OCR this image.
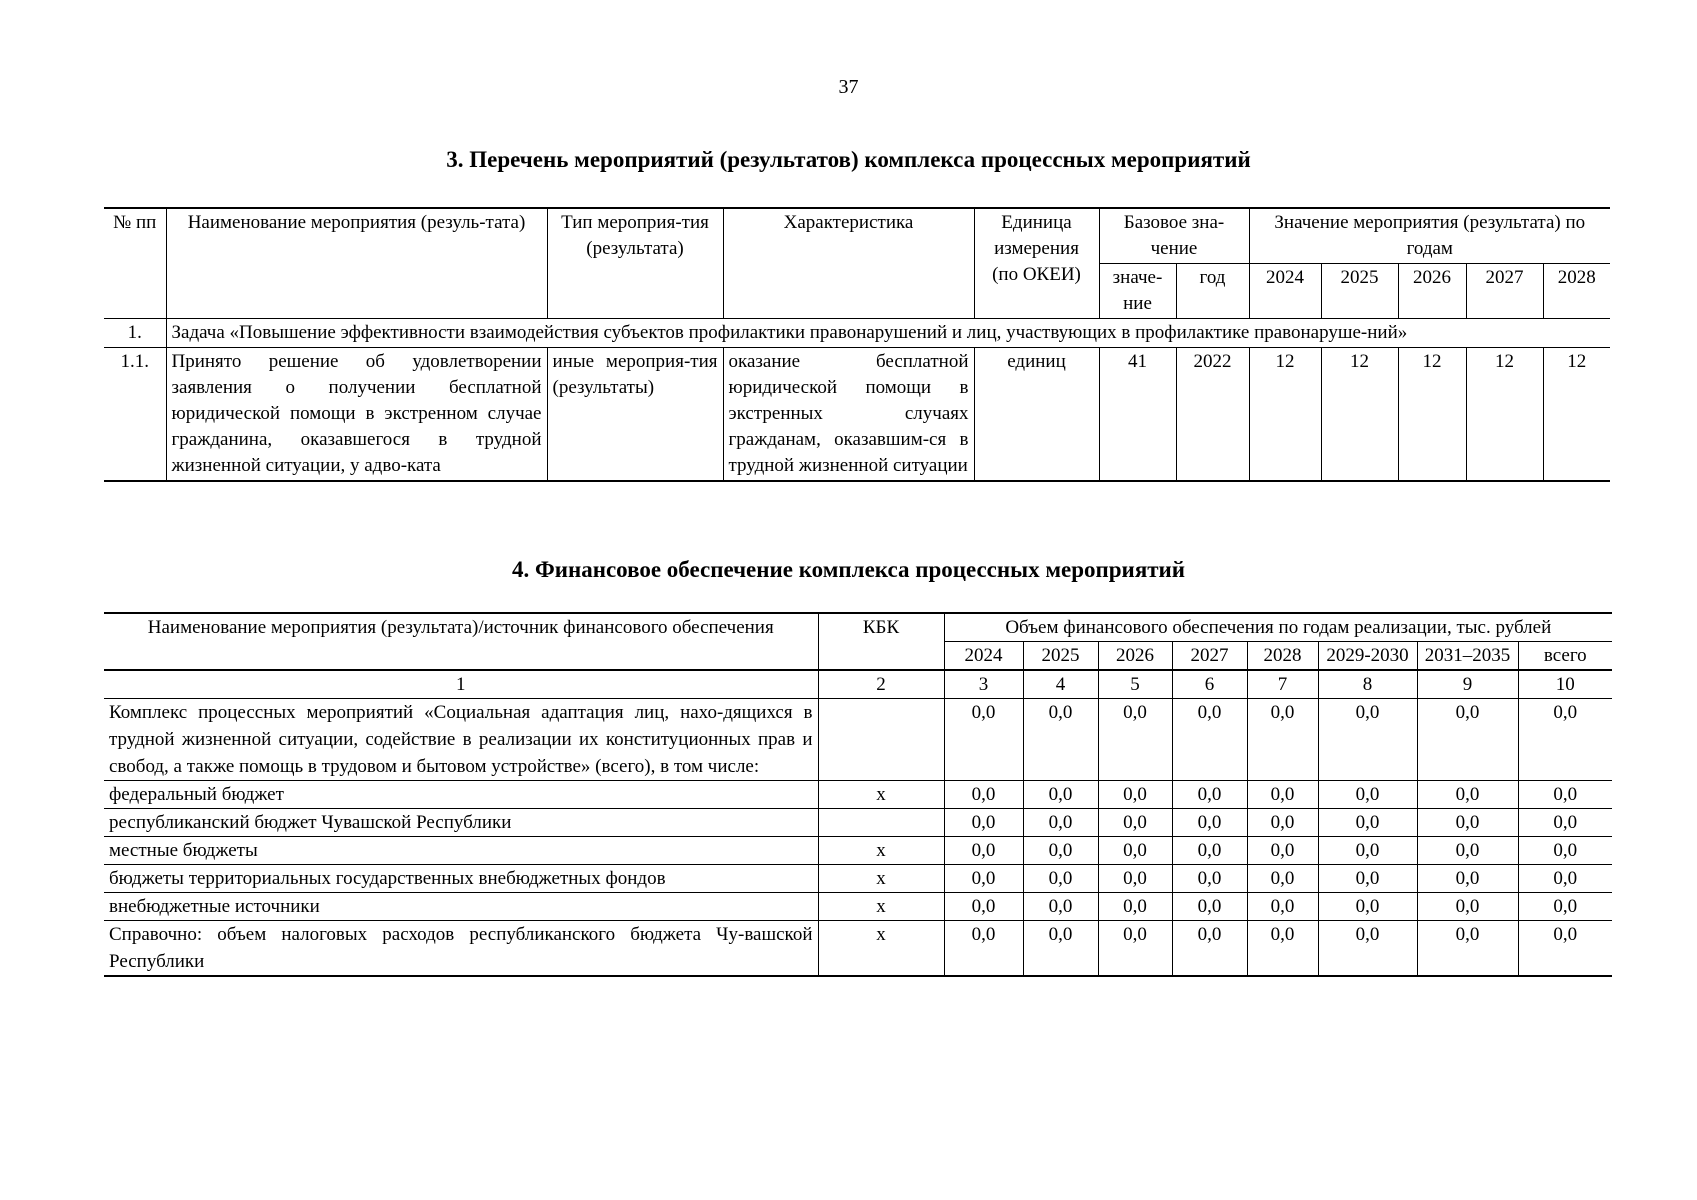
37
3. Перечень мероприятий (результатов) комплекса процессных мероприятий
№ пп	Наименование мероприятия (резуль-тата)	Тип мероприя-тия (результата)	Характеристика	Единица измерения (по ОКЕИ)	Базовое зна-чение		Значение мероприятия (результата) по годам				
					значе-ние	год	2024	2025	2026	2027	2028
1.	Задача «Повышение эффективности взаимодействия субъектов профилактики правонарушений и лиц, участвующих в профилактике правонаруше-ний»										
1.1.	Принято решение об удовлетворении заявления о получении бесплатной юридической помощи в экстренном случае гражданина, оказавшегося в трудной жизненной ситуации, у адво-ката	иные мероприя-тия (результаты)	оказание бесплатной юридической помощи в экстренных случаях гражданам, оказавшим-ся в трудной жизненной ситуации	единиц	41	2022	12	12	12	12	12
4. Финансовое обеспечение комплекса процессных мероприятий
Наименование мероприятия (результата)/источник финансового обеспечения	КБК	Объем финансового обеспечения по годам реализации, тыс. рублей							
		2024	2025	2026	2027	2028	2029-2030	2031–2035	всего
1	2	3	4	5	6	7	8	9	10
Комплекс процессных мероприятий «Социальная адаптация лиц, нахо-дящихся в трудной жизненной ситуации, содействие в реализации их конституционных прав и свобод, а также помощь в трудовом и бытовом устройстве» (всего), в том числе:		0,0	0,0	0,0	0,0	0,0	0,0	0,0	0,0
федеральный бюджет	x	0,0	0,0	0,0	0,0	0,0	0,0	0,0	0,0
республиканский бюджет Чувашской Республики		0,0	0,0	0,0	0,0	0,0	0,0	0,0	0,0
местные бюджеты	x	0,0	0,0	0,0	0,0	0,0	0,0	0,0	0,0
бюджеты территориальных государственных внебюджетных фондов	x	0,0	0,0	0,0	0,0	0,0	0,0	0,0	0,0
внебюджетные источники	x	0,0	0,0	0,0	0,0	0,0	0,0	0,0	0,0
Справочно: объем налоговых расходов республиканского бюджета Чу-вашской Республики	x	0,0	0,0	0,0	0,0	0,0	0,0	0,0	0,0
